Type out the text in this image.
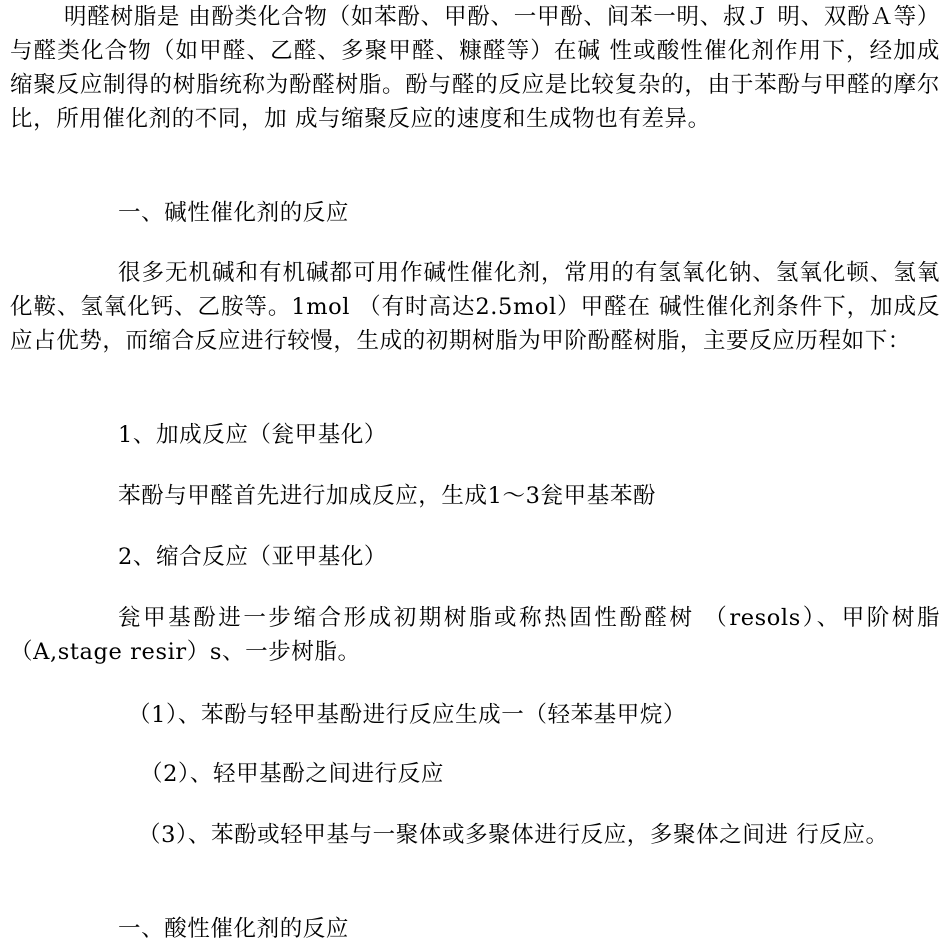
明醛树脂是 由酚类化合物（如苯酚、甲酚、一甲酚、间苯一明、叔Ｊ 明、双酚Ａ等）与醛类化合物（如甲醛、乙醛、多聚甲醛、糠醛等）在碱 性或酸性催化剂作用下，经加成缩聚反应制得的树脂统称为酚醛树脂。酚与醛的反应是比较复杂的，由于苯酚与甲醛的摩尔比，所用催化剂的不同，加 成与缩聚反应的速度和生成物也有差异。

一、碱性催化剂的反应

很多无机碱和有机碱都可用作碱性催化剂，常用的有氢氧化钠、氢氧化顿、氢氧化鞍、氢氧化钙、乙胺等。1mol （有时高达2.5mol）甲醛在 碱性催化剂条件下，加成反应占优势，而缩合反应进行较慢，生成的初期树脂为甲阶酚醛树脂，主要反应历程如下：

1、加成反应（瓮甲基化）

苯酚与甲醛首先进行加成反应，生成1〜3瓮甲基苯酚

2、缩合反应（亚甲基化）

瓮甲基酚进一步缩合形成初期树脂或称热固性酚醛树 （resols）、甲阶树脂 （A,stage resir）s、一步树脂。

（1）、苯酚与轻甲基酚进行反应生成一（轻苯基甲烷）

（2）、轻甲基酚之间进行反应

（3）、苯酚或轻甲基与一聚体或多聚体进行反应，多聚体之间进 行反应。

一、酸性催化剂的反应
